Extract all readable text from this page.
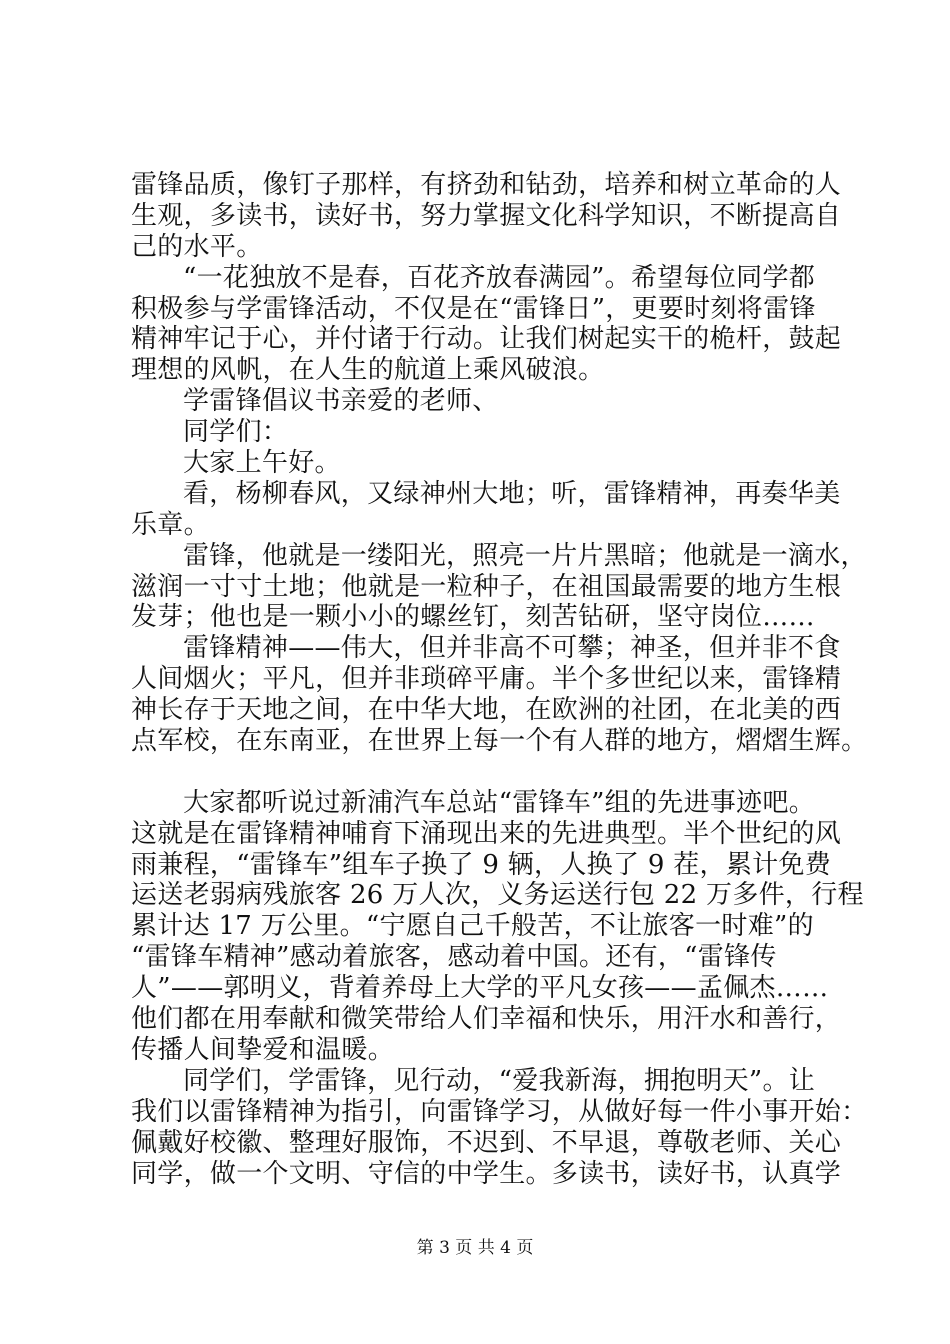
雷锋品质，像钉子那样，有挤劲和钻劲，培养和树立革命的人
生观，多读书，读好书，努力掌握文化科学知识，不断提高自
己的水平。
“一花独放不是春，百花齐放春满园”。希望每位同学都
积极参与学雷锋活动，不仅是在“雷锋日”，更要时刻将雷锋
精神牢记于心，并付诸于行动。让我们树起实干的桅杆，鼓起
理想的风帆，在人生的航道上乘风破浪。
学雷锋倡议书亲爱的老师、
同学们：
大家上午好。
看，杨柳春风，又绿神州大地；听，雷锋精神，再奏华美
乐章。
雷锋，他就是一缕阳光，照亮一片片黑暗；他就是一滴水，
滋润一寸寸土地；他就是一粒种子，在祖国最需要的地方生根
发芽；他也是一颗小小的螺丝钉，刻苦钻研，坚守岗位……
雷锋精神——伟大，但并非高不可攀；神圣，但并非不食
人间烟火；平凡，但并非琐碎平庸。半个多世纪以来，雷锋精
神长存于天地之间，在中华大地，在欧洲的社团，在北美的西
点军校，在东南亚，在世界上每一个有人群的地方，熠熠生辉。
大家都听说过新浦汽车总站“雷锋车”组的先进事迹吧。
这就是在雷锋精神哺育下涌现出来的先进典型。半个世纪的风
雨兼程，“雷锋车”组车子换了 9 辆，人换了 9 茬，累计免费
运送老弱病残旅客 26 万人次，义务运送行包 22 万多件，行程
累计达 17 万公里。“宁愿自己千般苦，不让旅客一时难”的
“雷锋车精神”感动着旅客，感动着中国。还有，“雷锋传
人”——郭明义，背着养母上大学的平凡女孩——孟佩杰……
他们都在用奉献和微笑带给人们幸福和快乐，用汗水和善行，
传播人间挚爱和温暖。
同学们，学雷锋，见行动，“爱我新海，拥抱明天”。让
我们以雷锋精神为指引，向雷锋学习，从做好每一件小事开始：
佩戴好校徽、整理好服饰，不迟到、不早退，尊敬老师、关心
同学，做一个文明、守信的中学生。多读书，读好书，认真学
第 3 页 共 4 页
